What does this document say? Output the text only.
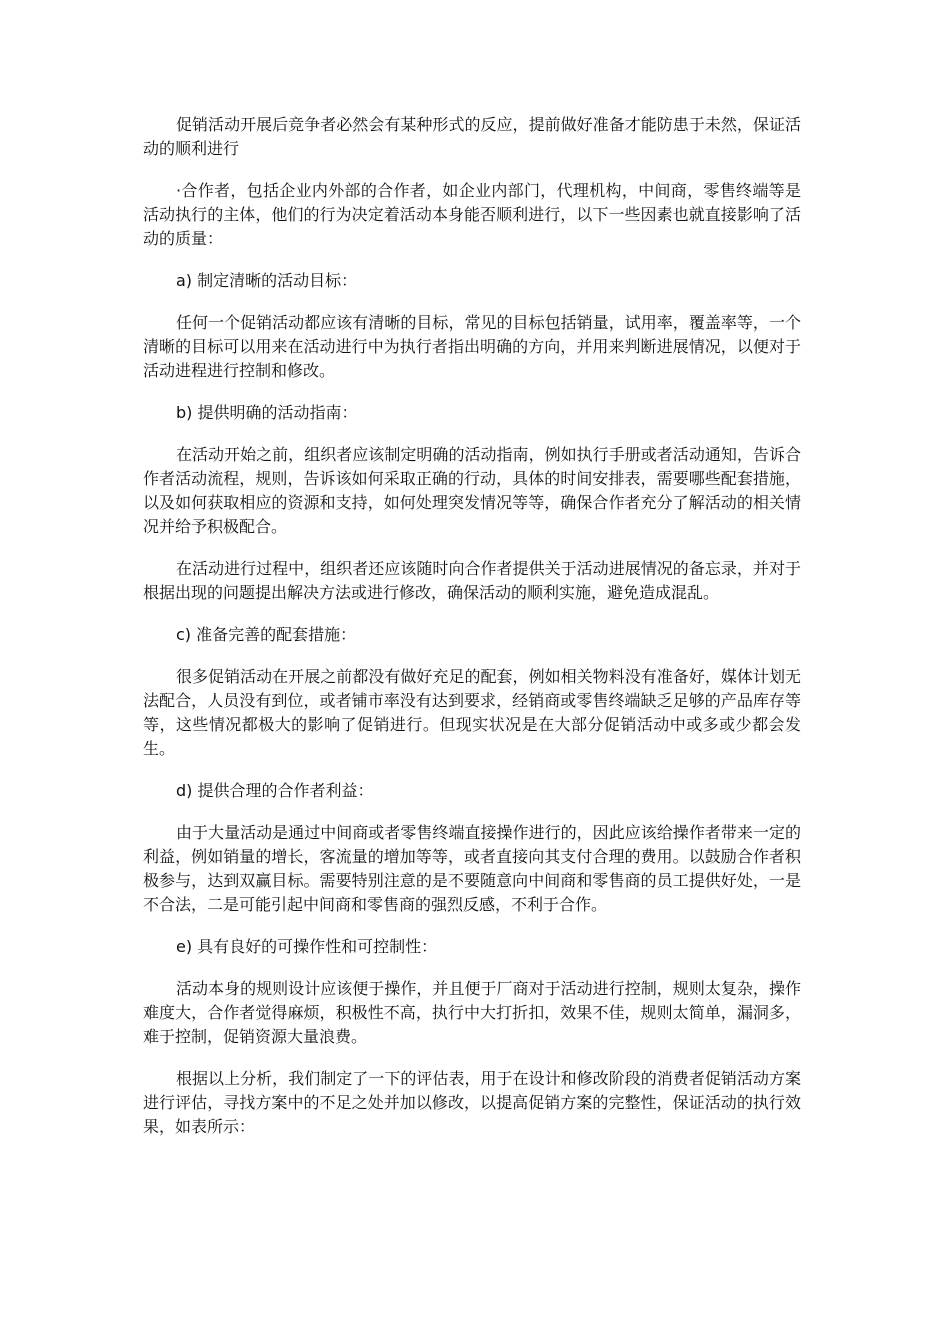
促销活动开展后竞争者必然会有某种形式的反应，提前做好准备才能防患于未然，保证活动的顺利进行

·合作者，包括企业内外部的合作者，如企业内部门，代理机构，中间商，零售终端等是活动执行的主体，他们的行为决定着活动本身能否顺利进行，以下一些因素也就直接影响了活动的质量：

a) 制定清晰的活动目标：

任何一个促销活动都应该有清晰的目标，常见的目标包括销量，试用率，覆盖率等，一个清晰的目标可以用来在活动进行中为执行者指出明确的方向，并用来判断进展情况，以便对于活动进程进行控制和修改。

b) 提供明确的活动指南：

在活动开始之前，组织者应该制定明确的活动指南，例如执行手册或者活动通知，告诉合作者活动流程，规则，告诉该如何采取正确的行动，具体的时间安排表，需要哪些配套措施，以及如何获取相应的资源和支持，如何处理突发情况等等，确保合作者充分了解活动的相关情况并给予积极配合。

在活动进行过程中，组织者还应该随时向合作者提供关于活动进展情况的备忘录，并对于根据出现的问题提出解决方法或进行修改，确保活动的顺利实施，避免造成混乱。

c) 准备完善的配套措施：

很多促销活动在开展之前都没有做好充足的配套，例如相关物料没有准备好，媒体计划无法配合，人员没有到位，或者铺市率没有达到要求，经销商或零售终端缺乏足够的产品库存等等，这些情况都极大的影响了促销进行。但现实状况是在大部分促销活动中或多或少都会发生。

d) 提供合理的合作者利益：

由于大量活动是通过中间商或者零售终端直接操作进行的，因此应该给操作者带来一定的利益，例如销量的增长，客流量的增加等等，或者直接向其支付合理的费用。以鼓励合作者积极参与，达到双赢目标。需要特别注意的是不要随意向中间商和零售商的员工提供好处，一是不合法，二是可能引起中间商和零售商的强烈反感，不利于合作。

e) 具有良好的可操作性和可控制性：

活动本身的规则设计应该便于操作，并且便于厂商对于活动进行控制，规则太复杂，操作难度大，合作者觉得麻烦，积极性不高，执行中大打折扣，效果不佳，规则太简单，漏洞多，难于控制，促销资源大量浪费。

根据以上分析，我们制定了一下的评估表，用于在设计和修改阶段的消费者促销活动方案进行评估，寻找方案中的不足之处并加以修改，以提高促销方案的完整性，保证活动的执行效果，如表所示：
